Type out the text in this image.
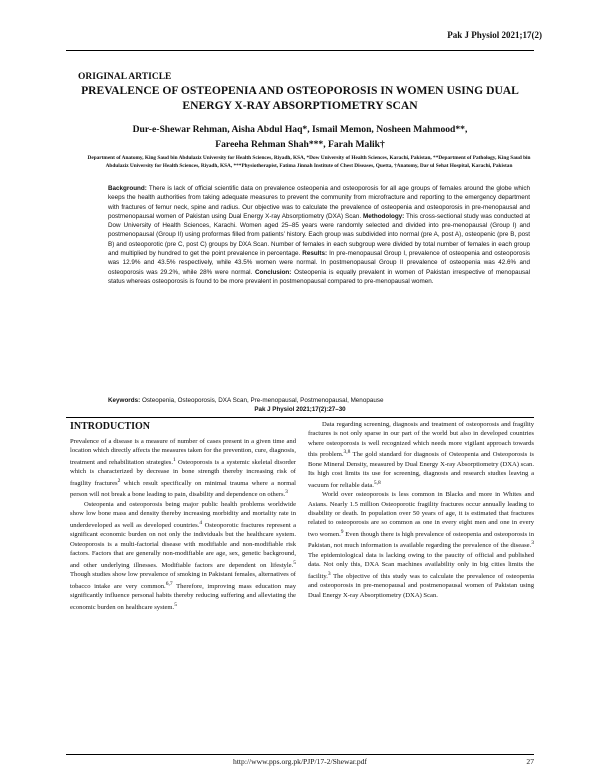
Pak J Physiol 2021;17(2)
ORIGINAL ARTICLE
PREVALENCE OF OSTEOPENIA AND OSTEOPOROSIS IN WOMEN USING DUAL ENERGY X-RAY ABSORPTIOMETRY SCAN
Dur-e-Shewar Rehman, Aisha Abdul Haq*, Ismail Memon, Nosheen Mahmood**,
Fareeha Rehman Shah***, Farah Malik†
Department of Anatomy, King Saud bin Abdulaziz University for Health Sciences, Riyadh, KSA, *Dow University of Health Sciences, Karachi, Pakistan, **Department of Pathology, King Saud bin Abdulaziz University for Health Sciences, Riyadh, KSA, ***Physiotherapist, Fatima Jinnah Institute of Chest Diseases, Quetta, †Anatomy, Dar ul Sehat Hospital, Karachi, Pakistan
Background: There is lack of official scientific data on prevalence osteopenia and osteoporosis for all age groups of females around the globe which keeps the health authorities from taking adequate measures to prevent the community from microfracture and reporting to the emergency department with fractures of femur neck, spine and radius. Our objective was to calculate the prevalence of osteopenia and osteoporosis in pre-menopausal and postmenopausal women of Pakistan using Dual Energy X-ray Absorptiometry (DXA) Scan. Methodology: This cross-sectional study was conducted at Dow University of Health Sciences, Karachi. Women aged 25–85 years were randomly selected and divided into pre-menopausal (Group I) and postmenopausal (Group II) using proformas filled from patients’ history. Each group was subdivided into normal (pre A, post A), osteopenic (pre B, post B) and osteoporotic (pre C, post C) groups by DXA Scan. Number of females in each subgroup were divided by total number of females in each group and multiplied by hundred to get the point prevalence in percentage. Results: In pre-menopausal Group I, prevalence of osteopenia and osteoporosis was 12.9% and 43.5% respectively, while 43.5% women were normal. In postmenopausal Group II prevalence of osteopenia was 42.6% and osteoporosis was 29.2%, while 28% were normal. Conclusion: Osteopenia is equally prevalent in women of Pakistan irrespective of menopausal status whereas osteoporosis is found to be more prevalent in postmenopausal compared to pre-menopausal women.
Keywords: Osteopenia, Osteoporosis, DXA Scan, Pre-menopausal, Postmenopausal, Menopause
Pak J Physiol 2021;17(2):27–30
INTRODUCTION

Prevalence of a disease is a measure of number of cases present in a given time and location which directly affects the measures taken for the prevention, cure, diagnosis, treatment and rehabilitation strategies.$^1$ Osteoporosis is a systemic skeletal disorder which is characterized by decrease in bone strength thereby increasing risk of fragility fractures$^2$ which result specifically on minimal trauma where a normal person will not break a bone leading to pain, disability and dependence on others.$^3$

Osteopenia and osteoporosis being major public health problems worldwide show low bone mass and density thereby increasing morbidity and mortality rate in underdeveloped as well as developed countries.$^4$ Osteoporotic fractures represent a significant economic burden on not only the individuals but the healthcare system. Osteoporosis is a multi-factorial disease with modifiable and non-modifiable risk factors. Factors that are generally non-modifiable are age, sex, genetic background, and other underlying illnesses. Modifiable factors are dependent on lifestyle.$^5$ Though studies show low prevalence of smoking in Pakistani females, alternatives of tobacco intake are very common.$^{6,7}$ Therefore, improving mass education may significantly influence personal habits thereby reducing suffering and alleviating the economic burden on healthcare system.$^5$

Data regarding screening, diagnosis and treatment of osteoporosis and fragility fractures is not only sparse in our part of the world but also in developed countries where osteoporosis is well recognized which needs more vigilant approach towards this problem.$^{3,8}$ The gold standard for diagnosis of Osteopenia and Osteoporosis is Bone Mineral Density, measured by Dual Energy X-ray Absorptiometry (DXA) scan. Its high cost limits its use for screening, diagnosis and research studies leaving a vacuum for reliable data.$^{5,8}$

World over osteoporosis is less common in Blacks and more in Whites and Asians. Nearly 1.5 million Osteoporotic fragility fractures occur annually leading to disability or death. In population over 50 years of age, it is estimated that fractures related to osteoporosis are so common as one in every eight men and one in every two women.$^9$ Even though there is high prevalence of osteopenia and osteoporosis in Pakistan, not much information is available regarding the prevalence of the disease.$^3$ The epidemiological data is lacking owing to the paucity of official and published data. Not only this, DXA Scan machines availability only in big cities limits the facility.$^3$ The objective of this study was to calculate the prevalence of osteopenia and osteoporosis in pre-menopausal and postmenopausal women of Pakistan using Dual Energy X-ray Absorptiometry (DXA) Scan.

http://www.pps.org.pk/PJP/17-2/Shewar.pdf	27
